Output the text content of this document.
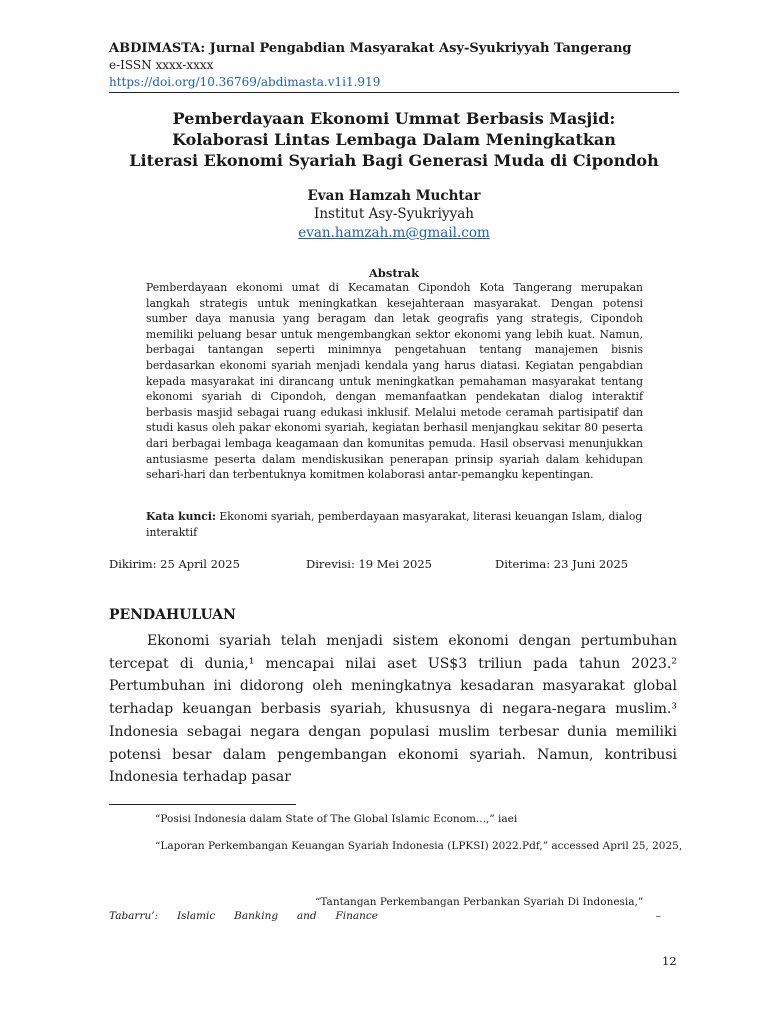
ABDIMASTA: Jurnal Pengabdian Masyarakat Asy-Syukriyyah Tangerang
e-ISSN xxxx-xxxx
https://doi.org/10.36769/abdimasta.v1i1.919
Pemberdayaan Ekonomi Ummat Berbasis Masjid:
Kolaborasi Lintas Lembaga Dalam Meningkatkan
Literasi Ekonomi Syariah Bagi Generasi Muda di Cipondoh
Evan Hamzah Muchtar
Institut Asy-Syukriyyah
evan.hamzah.m@gmail.com
Abstrak
Pemberdayaan ekonomi umat di Kecamatan Cipondoh Kota Tangerang merupakan langkah strategis untuk meningkatkan kesejahteraan masyarakat. Dengan potensi sumber daya manusia yang beragam dan letak geografis yang strategis, Cipondoh memiliki peluang besar untuk mengembangkan sektor ekonomi yang lebih kuat. Namun, berbagai tantangan seperti minimnya pengetahuan tentang manajemen bisnis berdasarkan ekonomi syariah menjadi kendala yang harus diatasi. Kegiatan pengabdian kepada masyarakat ini dirancang untuk meningkatkan pemahaman masyarakat tentang ekonomi syariah di Cipondoh, dengan memanfaatkan pendekatan dialog interaktif berbasis masjid sebagai ruang edukasi inklusif. Melalui metode ceramah partisipatif dan studi kasus oleh pakar ekonomi syariah, kegiatan berhasil menjangkau sekitar 80 peserta dari berbagai lembaga keagamaan dan komunitas pemuda. Hasil observasi menunjukkan antusiasme peserta dalam mendiskusikan penerapan prinsip syariah dalam kehidupan sehari-hari dan terbentuknya komitmen kolaborasi antar-pemangku kepentingan.
Kata kunci: Ekonomi syariah, pemberdayaan masyarakat, literasi keuangan Islam, dialog interaktif
Dikirim: 25 April 2025	Direvisi: 19 Mei 2025	Diterima: 23 Juni 2025
PENDAHULUAN

Ekonomi syariah telah menjadi sistem ekonomi dengan pertumbuhan tercepat di dunia,¹ mencapai nilai aset US$3 triliun pada tahun 2023.² Pertumbuhan ini didorong oleh meningkatnya kesadaran masyarakat global terhadap keuangan berbasis syariah, khususnya di negara-negara muslim.³ Indonesia sebagai negara dengan populasi muslim terbesar dunia memiliki potensi besar dalam pengembangan ekonomi syariah. Namun, kontribusi Indonesia terhadap pasar

“Posisi Indonesia dalam State of The Global Islamic Econom...,” iaei
“Laporan Perkembangan Keuangan Syariah Indonesia (LPKSI) 2022.Pdf,” accessed April 25, 2025,
“Tantangan Perkembangan Perbankan Syariah Di Indonesia,”
Tabarru’: Islamic Banking and Finance	–
12
